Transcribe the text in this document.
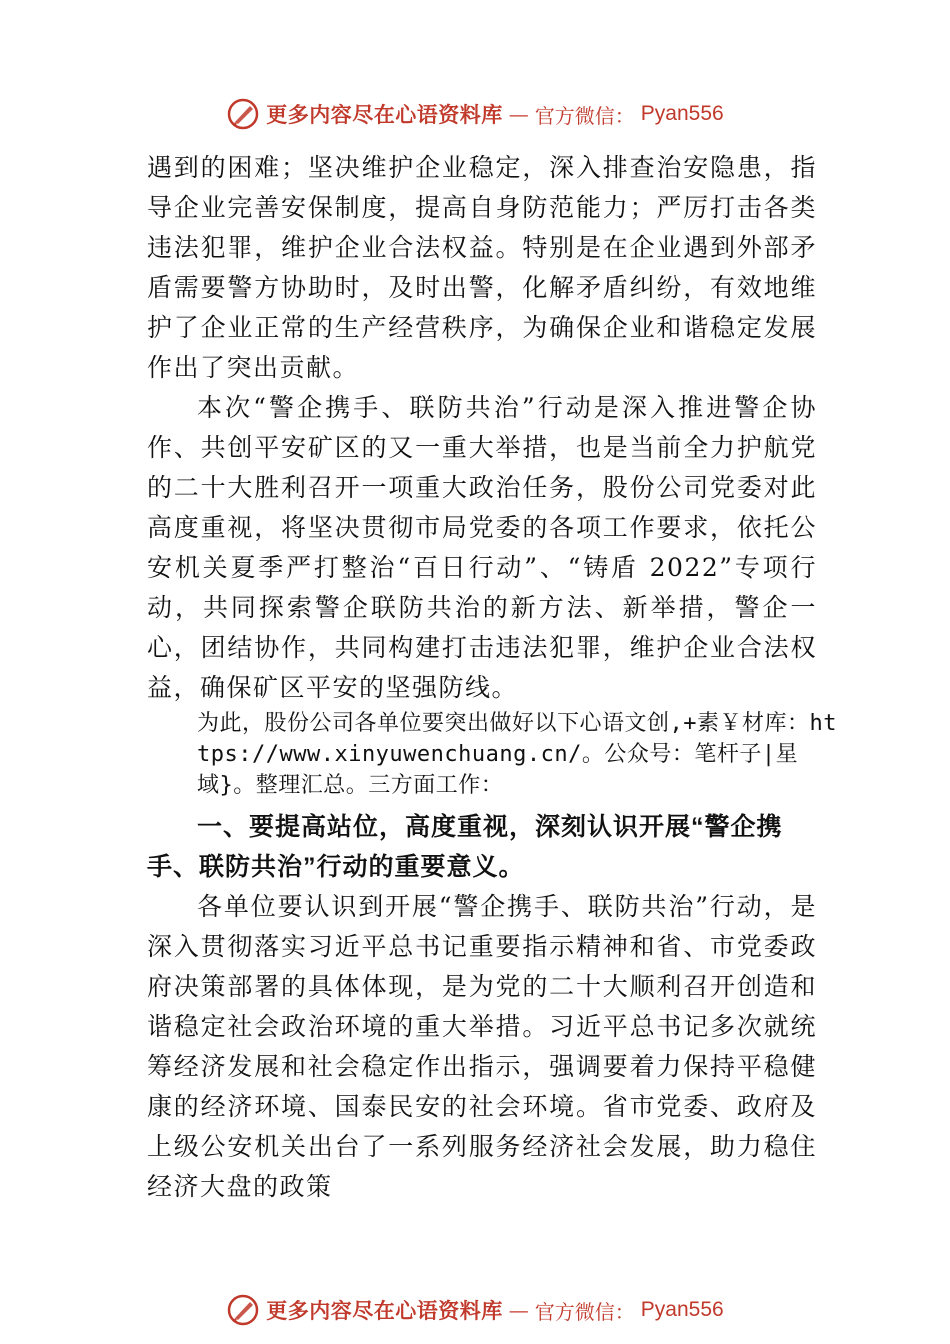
更多内容尽在心语资料库 — 官方微信： Pyan556

遇到的困难；坚决维护企业稳定，深入排查治安隐患，指导企业完善安保制度，提高自身防范能力；严厉打击各类违法犯罪，维护企业合法权益。特别是在企业遇到外部矛盾需要警方协助时，及时出警，化解矛盾纠纷，有效地维护了企业正常的生产经营秩序，为确保企业和谐稳定发展作出了突出贡献。

本次“警企携手、联防共治”行动是深入推进警企协作、共创平安矿区的又一重大举措，也是当前全力护航党的二十大胜利召开一项重大政治任务，股份公司党委对此高度重视，将坚决贯彻市局党委的各项工作要求，依托公安机关夏季严打整治“百日行动”、“铸盾 2022”专项行动，共同探索警企联防共治的新方法、新举措，警企一心，团结协作，共同构建打击违法犯罪，维护企业合法权益，确保矿区平安的坚强防线。

为此，股份公司各单位要突出做好以下心语文创,+素￥材库：https://www.xinyuwenchuang.cn/。公众号：笔杆子|星域}。整理汇总。三方面工作：

一、要提高站位，高度重视，深刻认识开展“警企携手、联防共治”行动的重要意义。

各单位要认识到开展“警企携手、联防共治”行动，是深入贯彻落实习近平总书记重要指示精神和省、市党委政府决策部署的具体体现，是为党的二十大顺利召开创造和谐稳定社会政治环境的重大举措。习近平总书记多次就统筹经济发展和社会稳定作出指示，强调要着力保持平稳健康的经济环境、国泰民安的社会环境。省市党委、政府及上级公安机关出台了一系列服务经济社会发展，助力稳住经济大盘的政策

更多内容尽在心语资料库 — 官方微信： Pyan556
